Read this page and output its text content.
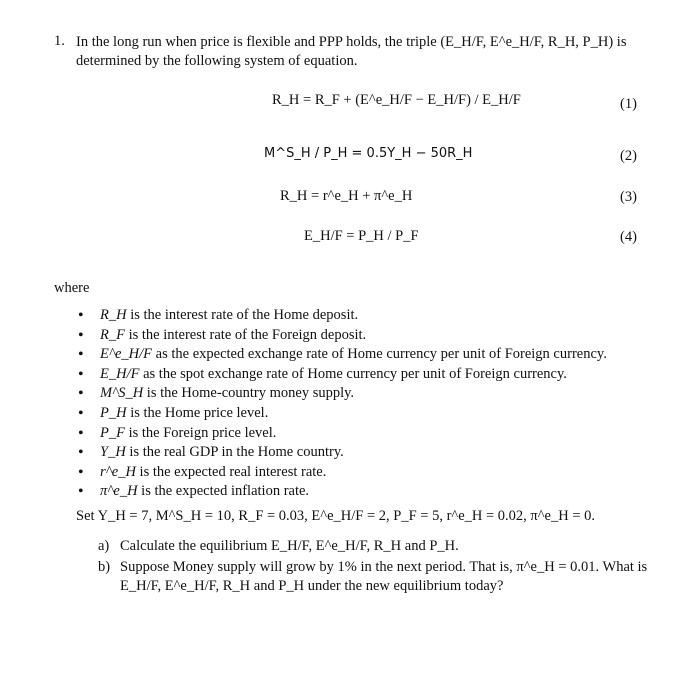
1. In the long run when price is flexible and PPP holds, the triple (E_H/F, E^e_H/F, R_H, P_H) is determined by the following system of equation.
R_H = R_F + (E^e_H/F − E_H/F) / E_H/F	(1)
M^S_H / P_H = 0.5Y_H − 50R_H	(2)
R_H = r^e_H + π^e_H	(3)
E_H/F = P_H / P_F	(4)
where
• R_H is the interest rate of the Home deposit.
• R_F is the interest rate of the Foreign deposit.
• E^e_H/F as the expected exchange rate of Home currency per unit of Foreign currency.
• E_H/F as the spot exchange rate of Home currency per unit of Foreign currency.
• M^S_H is the Home-country money supply.
• P_H is the Home price level.
• P_F is the Foreign price level.
• Y_H is the real GDP in the Home country.
• r^e_H is the expected real interest rate.
• π^e_H is the expected inflation rate.
Set Y_H = 7, M^S_H = 10, R_F = 0.03, E^e_H/F = 2, P_F = 5, r^e_H = 0.02, π^e_H = 0.
a) Calculate the equilibrium E_H/F, E^e_H/F, R_H and P_H.
b) Suppose Money supply will grow by 1% in the next period. That is, π^e_H = 0.01. What is E_H/F, E^e_H/F, R_H and P_H under the new equilibrium today?
